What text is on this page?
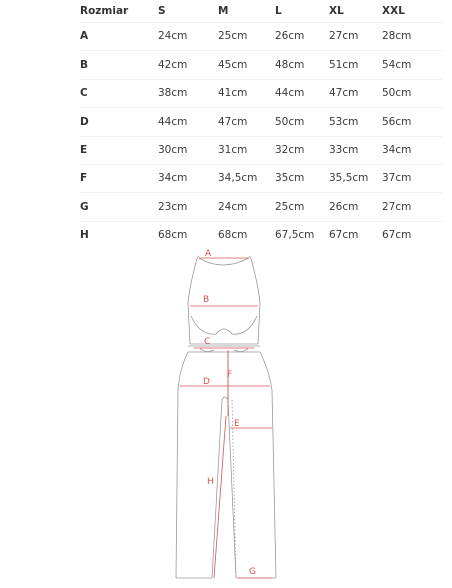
Rozmiar	S	M	L	XL	XXL
A	24cm	25cm	26cm	27cm	28cm
B	42cm	45cm	48cm	51cm	54cm
C	38cm	41cm	44cm	47cm	50cm
D	44cm	47cm	50cm	53cm	56cm
E	30cm	31cm	32cm	33cm	34cm
F	34cm	34,5cm	35cm	35,5cm	37cm
G	23cm	24cm	25cm	26cm	27cm
H	68cm	68cm	67,5cm	67cm	67cm
A
B
C
D
E
F
G
H
